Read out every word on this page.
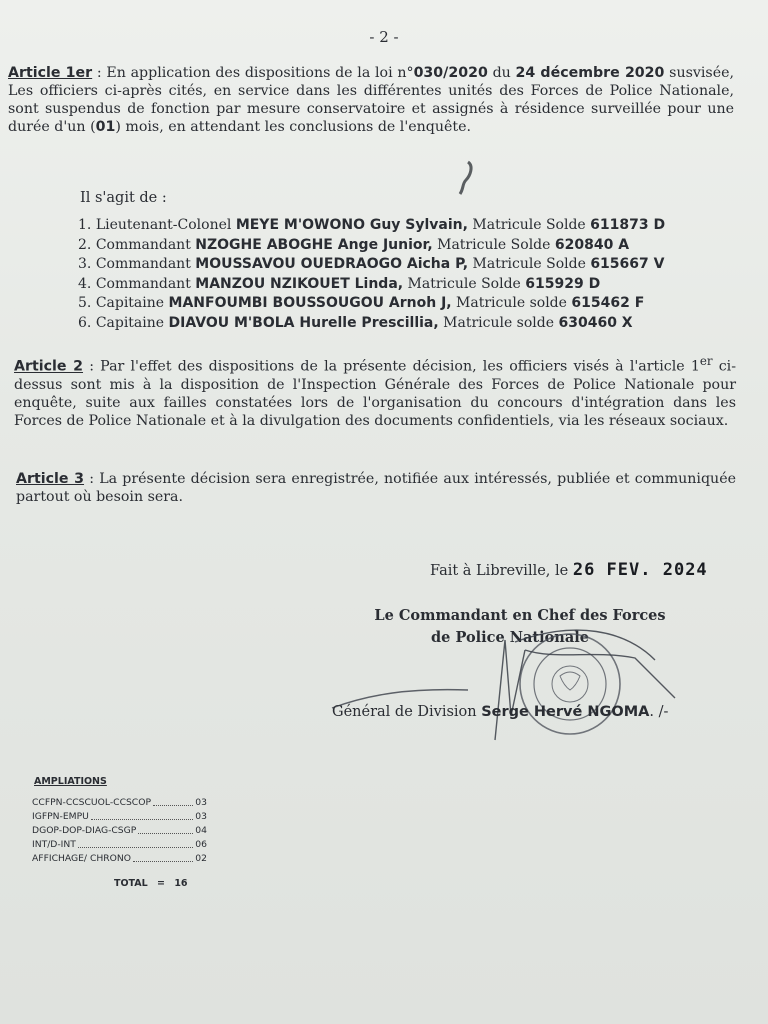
- 2 -
Article 1er : En application des dispositions de la loi n°030/2020 du 24 décembre 2020 susvisée, Les officiers ci-après cités, en service dans les différentes unités des Forces de Police Nationale, sont suspendus de fonction par mesure conservatoire et assignés à résidence surveillée pour une durée d'un (01) mois, en attendant les conclusions de l'enquête.
Il s'agit de :
1. Lieutenant-Colonel MEYE M'OWONO Guy Sylvain, Matricule Solde 611873 D
2. Commandant NZOGHE ABOGHE Ange Junior, Matricule Solde 620840 A
3. Commandant MOUSSAVOU OUEDRAOGO Aicha P, Matricule Solde 615667 V
4. Commandant MANZOU NZIKOUET Linda, Matricule Solde 615929 D
5. Capitaine MANFOUMBI BOUSSOUGOU Arnoh J, Matricule solde 615462 F
6. Capitaine DIAVOU M'BOLA Hurelle Prescillia, Matricule solde 630460 X
Article 2 : Par l'effet des dispositions de la présente décision, les officiers visés à l'article 1er ci-dessus sont mis à la disposition de l'Inspection Générale des Forces de Police Nationale pour enquête, suite aux failles constatées lors de l'organisation du concours d'intégration dans les Forces de Police Nationale et à la divulgation des documents confidentiels, via les réseaux sociaux.
Article 3 : La présente décision sera enregistrée, notifiée aux intéressés, publiée et communiquée partout où besoin sera.
Fait à Libreville, le 26 FEV. 2024
Le Commandant en Chef des Forces
de Police Nationale
Général de Division Serge Hervé NGOMA. /-
AMPLIATIONS
CCFPN-CCSCUOL-CCSCOP	03
IGFPN-EMPU	03
DGOP-DOP-DIAG-CSGP	04
INT/D-INT	06
AFFICHAGE/ CHRONO	02
TOTAL = 16
